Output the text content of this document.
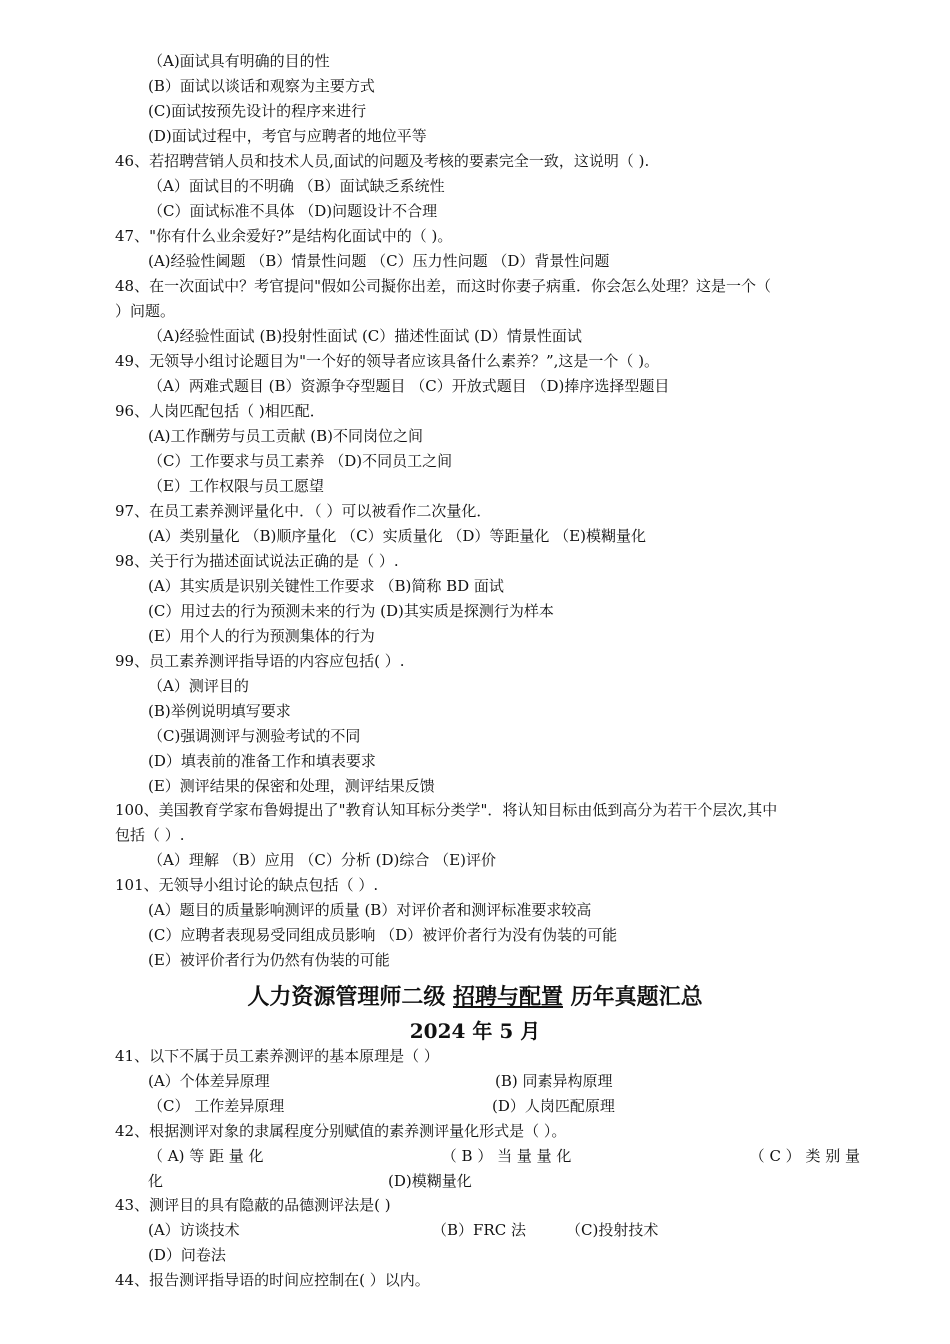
（A)面试具有明确的目的性
(B）面试以谈话和观察为主要方式
(C)面试按预先设计的程序来进行
(D)面试过程中，考官与应聘者的地位平等
46、若招聘营销人员和技术人员,面试的问题及考核的要素完全一致，这说明（ ).
（A）面试目的不明确 （B）面试缺乏系统性
（C）面试标准不具体 （D)问题设计不合理
47、"你有什么业余爱好?”是结构化面试中的（ )。
(A)经验性阃题 （B）情景性问题 （C）压力性问题 （D）背景性问题
48、在一次面试中？考官提问"假如公司擬你出差，而这时你妻子病重．你会怎么处理？这是一个（
）问题。
（A)经验性面试 (B)投射性面试 (C）描述性面试 (D）情景性面试
49、无领导小组讨论题目为"一个好的领导者应该具备什么素养？”,这是一个（ )。
（A）两难式题目 (B）资源争夺型题目 （C）开放式题目 （D)捧序选择型题目
96、人岗匹配包括（ )相匹配．
(A)工作酬劳与员工贡献 (B)不同岗位之间
（C）工作要求与员工素养 （D)不同员工之间
（E）工作权限与员工愿望
97、在员工素养测评量化中．（ ）可以被看作二次量化．
(A）类别量化 （B)顺序量化 （C）实质量化 （D）等距量化 （E)模糊量化
98、关于行为描述面试说法正确的是（ ）.
(A）其实质是识别关键性工作要求 （B)简称 BD 面试
(C）用过去的行为预测未来的行为 (D)其实质是探测行为样本
(E）用个人的行为预测集体的行为
99、员工素养测评指导语的内容应包括( ）.
（A）测评目的
(B)举例说明填写要求
（C)强调测评与测验考试的不同
(D）填表前的准备工作和填表要求
(E）测评结果的保密和处理，测评结果反馈
100、美国教育学家布鲁姆提出了"教育认知耳标分类学"．将认知目标由低到高分为若干个层次,其中
包括（ ）.
（A）理解 （B）应用 （C）分析 (D)综合 （E)评价
101、无领导小组讨论的缺点包括（ ）.
(A）题目的质量影响测评的质量 (B）对评价者和测评标准要求较高
(C）应聘者表现易受同组成员影响 （D）被评价者行为没有伪装的可能
(E）被评价者行为仍然有伪装的可能
人力资源管理师二级 招聘与配置 历年真题汇总
2024 年 5 月
41、以下不属于员工素养测评的基本原理是（ ）
(A）个体差异原理	(B) 同素异构原理
（C） 工作差异原理	(D）人岗匹配原理
42、根据测评对象的隶属程度分别赋值的素养测评量化形式是（ ）。
（ A) 等 距 量 化	（ B ） 当 量 量 化	（ C ） 类 别 量
化	(D)模糊量化
43、测评目的具有隐蔽的品德测评法是( )
(A）访谈技术	（B）FRC 法	（C)投射技术
(D）问卷法
44、报告测评指导语的时间应控制在( ）以内。
